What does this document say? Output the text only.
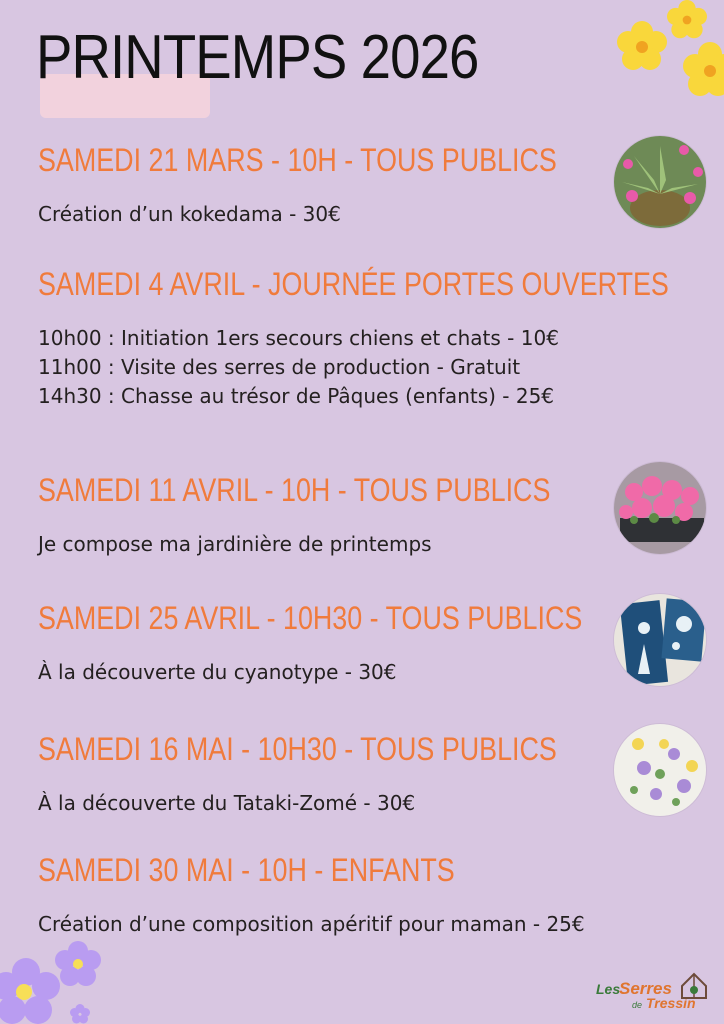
PRINTEMPS 2026
SAMEDI 21 MARS - 10H - TOUS PUBLICS
Création d’un kokedama - 30€
SAMEDI 4 AVRIL - JOURNÉE PORTES OUVERTES
10h00 : Initiation 1ers secours chiens et chats - 10€
11h00 : Visite des serres de production - Gratuit
14h30 : Chasse au trésor de Pâques (enfants) - 25€
SAMEDI 11 AVRIL - 10H - TOUS PUBLICS
Je compose ma jardinière de printemps
SAMEDI 25 AVRIL - 10H30 - TOUS PUBLICS
À la découverte du cyanotype - 30€
SAMEDI 16 MAI - 10H30 - TOUS PUBLICS
À la découverte du Tataki-Zomé - 30€
SAMEDI 30 MAI - 10H - ENFANTS
Création d’une composition apéritif pour maman - 25€
Les
Serres
de Tressin
